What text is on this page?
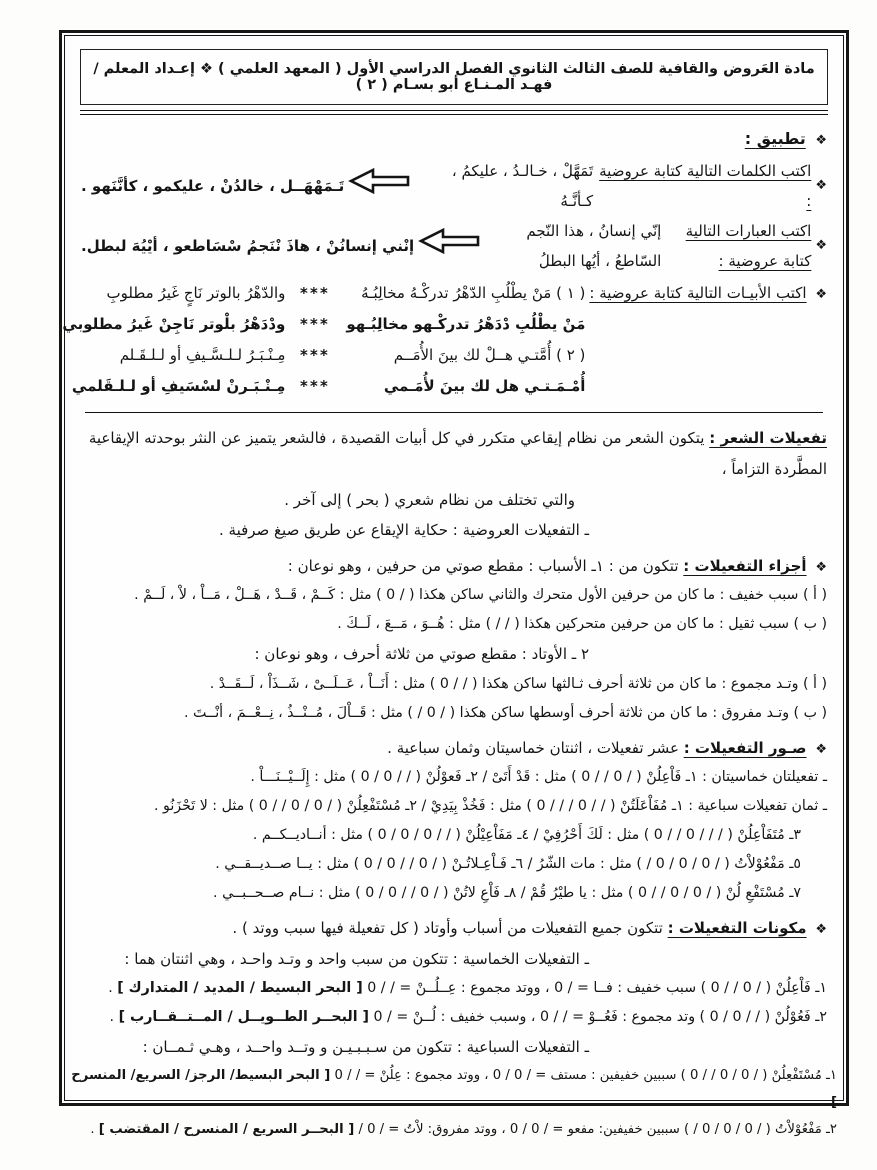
مادة العَروض والقافية للصف الثالث الثانوي الفصل الدراسي الأول ( المعهد العلمي ) ❖ إعـداد المعلم / فهـد المـنـاع أبو بسـام ( ٢ )
❖ تطبيق :
❖
اكتب الكلمات التالية كتابة عروضية :
تَمَهَّلْ ، خـالـدُ ، عليكمُ ، كـأنَّـهُ
تَـمَهْهَــل ، خالدُنْ ، عليكمو ، كأنَّنَهو .
❖
اكتب العبارات التالية كتابة عروضية :
إنّي إنسانُ ، هذا النّجم السّاطعُ ، أيُها البطلُ
إنْني إنسانُنْ ، هاذَ نْنَجمُ سْسَاطعو ، أيْيُهَ لبطل.
❖ اكتب الأبيـات التالية كتابة عروضية :
( ١ ) مَنْ يطْلُبِ الدّهْرُ تدركْـهُ مخالِبُـهُ
***
والدّهْرُ بالوتر نَاجٍ غَيرُ مطلوبِ
مَنْ يطْلُبِ دْدَهْرُ تدركْـهو مخالِبُـهو
***
ودْدَهْرُ بلْوتر نَاجِنْ غَيرُ مطلوبي
( ٢ ) أُمَّتـي هــلْ لك بينَ الأُمَــم
***
مِـنْـبَـرُ لـلـسَّـيفِ أو لـلـقَـلم
أُمْـمَـتـي هل لك بينَ لأُمَـمي
***
مِـنْـبَـرنْ لسْسَيفِ أو لـلـقَلمي
تفعيلات الشعر : يتكون الشعر من نظام إيقاعي متكرر في كل أبيات القصيدة ، فالشعر يتميز عن النثر بوحدته الإيقاعية المطَّردة التزاماً ،
والتي تختلف من نظام شعري ( بحر ) إلى آخر .
ـ التفعيلات العروضية : حكاية الإيقاع عن طريق صيغ صرفية .
❖ أجزاء التفعيلات : تتكون من : ١ـ الأسباب : مقطع صوتي من حرفين ، وهو نوعان :
( أ ) سبب خفيف : ما كان من حرفين الأول متحرك والثاني ساكن هكذا ( / 0 ) مثل : كَــمْ ، قَــدْ ، هَــلْ ، مَــاْ ، لاْ ، لَــمْ .
( ب ) سبب ثقيل : ما كان من حرفين متحركين هكذا ( / / ) مثل : هُــوَ ، مَــعَ ، لَــكَ .
٢ ـ الأوتاد : مقطع صوتي من ثلاثة أحرف ، وهو نوعان :
( أ ) وتـد مجموع : ما كان من ثلاثة أحرف ثـالثها ساكن هكذا ( / / 0 ) مثل : أَنَــاْ ، عَــلَــىْ ، شَــذَاْ ، لَــقَــدْ .
( ب ) وتـد مفروق : ما كان من ثلاثة أحرف أوسطها ساكن هكذا ( / 0 / ) مثل : قَــاْلَ ، مُــنْــذُ ، نِــعْــمَ ، أنْــتَ .
❖ صـور التفعيلات : عشر تفعيلات ، اثنتان خماسيتان وثمان سباعية .
ـ تفعيلتان خماسيتان : ١ـ فَاْعِلُنْ ( / 0 / / 0 ) مثل : قَدْ أَتَىْ / ٢ـ فَعوْلُنْ ( / / 0 / 0 ) مثل : إِلَــيْــنَـــاْ .
ـ ثمان تفعيلات سباعية : ١ـ مُفَاْعَلَتُنْ ( / / 0 / / / 0 ) مثل : فَخُذْ بِيَدِيْ / ٢ـ مُسْتَفْعِلُنْ ( / 0 / 0 / / 0 ) مثل : لا تَحْزَنُو .
٣ـ مُتَفَاْعِلُنْ ( / / / 0 / / 0 ) مثل : لَكَ أَحْرُفِيْ / ٤ـ مَفَاْعِيْلُنْ ( / / 0 / 0 / 0 ) مثل : أنــاديــكــم .
٥ـ مَفْعُوْلاْتُ ( / 0 / 0 / 0 / ) مثل : مات الشّرُ / ٦ـ فَـاْعِـلاتُـنْ ( / 0 / / 0 / 0 ) مثل : يــا صــديــقــي .
٧ـ مُسْتَفْعِ لُنْ ( / 0 / 0 / / 0 ) مثل : يا طيْرُ قُمْ / ٨ـ فَاْعِ لاتُنْ ( / 0 / / 0 / 0 ) مثل : نــام صــحــبــي .
❖ مكونات التفعيلات : تتكون جميع التفعيلات من أسباب وأوتاد ( كل تفعيلة فيها سبب ووتد ) .
ـ التفعيلات الخماسية : تتكون من سبب واحد و وتـد واحـد ، وهي اثنتان هما :
١ـ فَاْعِلُنْ ( / 0 / / 0 ) سبب خفيف : فــا = / 0 ، ووتد مجموع : عِــلُــنْ = / / 0 [ البحر البسيط / المديد / المتدارك ] .
٢ـ فَعُوْلُنْ ( / / 0 / 0 ) وتد مجموع : فَعُــوْ = / / 0 ، وسبب خفيف : لُــنْ = / 0 [ البحــر الطــويــل / المــتــقــارب ] .
ـ التفعيلات السباعية : تتكون من سـبـبـيـن و وتــد واحــد ، وهـي ثـمــان :
١ـ مُسْتَفْعِلُنْ ( / 0 / 0 / / 0 ) سببين خفيفين : مستف = / 0 / 0 ، ووتد مجموع : عِلُنْ = / / 0 [ البحر البسيط/ الرجز/ السريع/ المنسرح ] .
٢ـ مَفْعُوْلاْتُ ( / 0 / 0 / 0 / ) سببين خفيفين: مفعو = / 0 / 0 ، ووتد مفروق: لاْتُ = / 0 / [ البحــر السريع / المنسرح / المقتضب ] .
